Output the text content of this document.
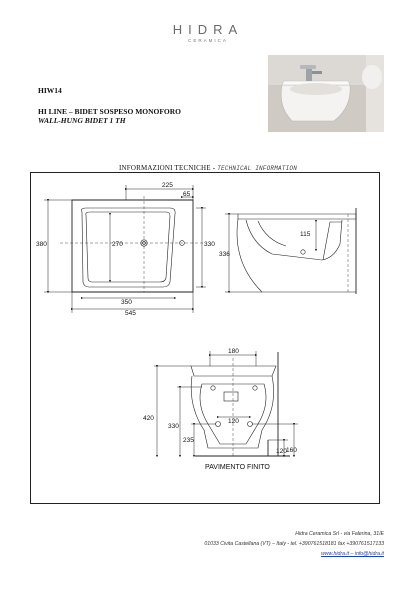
HIDRA
CERAMICA
HIW14
HI LINE – BIDET SOSPESO MONOFORO
WALL-HUNG BIDET 1 TH
INFORMAZIONI TECNICHE - TECHNICAL INFORMATION
225
65
380	270	330
350
545
115
336
180
420
330
235
120
160
120
PAVIMENTO FINITO
Hidra Ceramica Srl - via Falerina, 31/E
01033 Civita Castellana (VT) – Italy - tel. +39076151818​1 fax +39076151713​3
www.hidra.it – info@hidra.it
